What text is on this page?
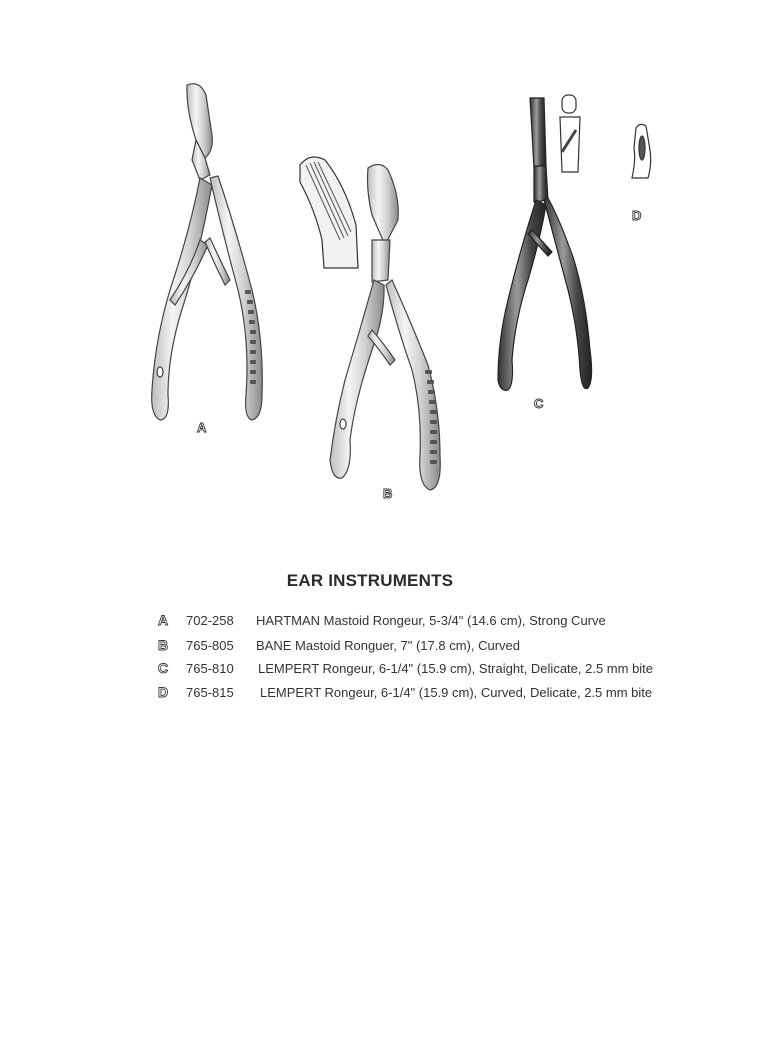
A
B
C
D
EAR INSTRUMENTS
A 702-258 HARTMAN Mastoid Rongeur, 5-3/4" (14.6 cm), Strong Curve
B 765-805 BANE Mastoid Ronguer, 7" (17.8 cm), Curved
C 765-810 LEMPERT Rongeur, 6-1/4" (15.9 cm), Straight, Delicate, 2.5 mm bite
D 765-815 LEMPERT Rongeur, 6-1/4" (15.9 cm), Curved, Delicate, 2.5 mm bite
